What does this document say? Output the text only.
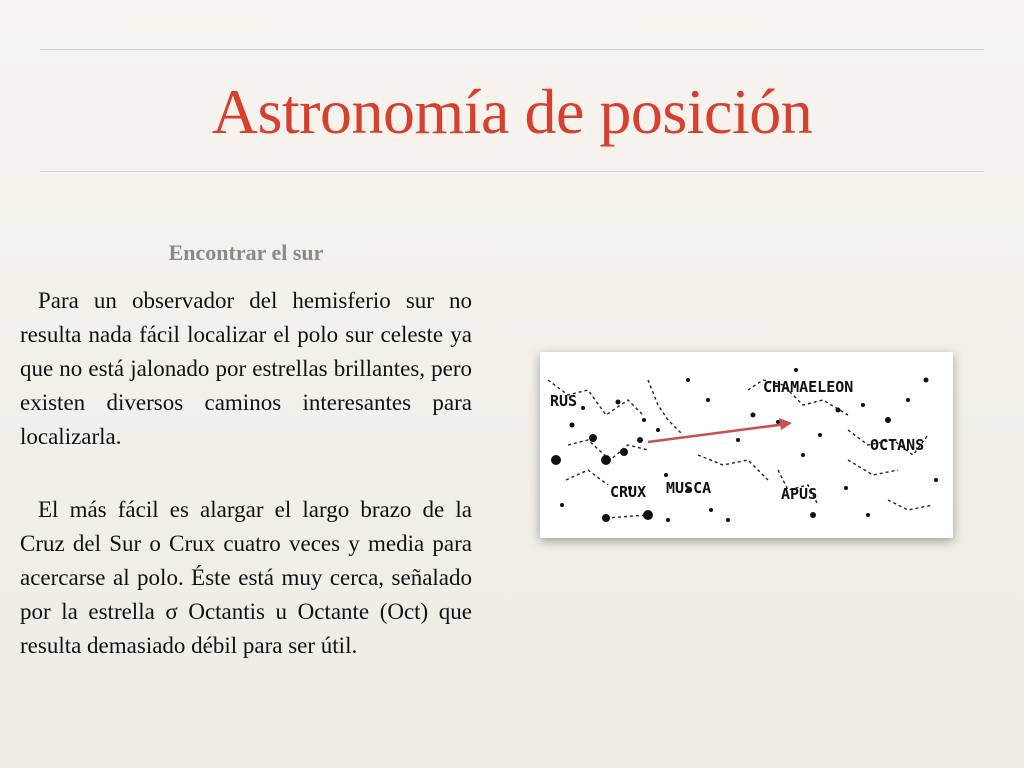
Astronomía de posición
Encontrar el sur

Para un observador del hemisferio sur no resulta nada fácil localizar el polo sur celeste ya que no está jalonado por estrellas brillantes, pero existen diversos caminos interesantes para localizarla.

El más fácil es alargar el largo brazo de la Cruz del Sur o Crux cuatro veces y media para acercarse al polo. Éste está muy cerca, señalado por la estrella σ Octantis u Octante (Oct) que resulta demasiado débil para ser útil.

RUS
CHAMAELEON
OCTANS
CRUX MUSCA	APUS
